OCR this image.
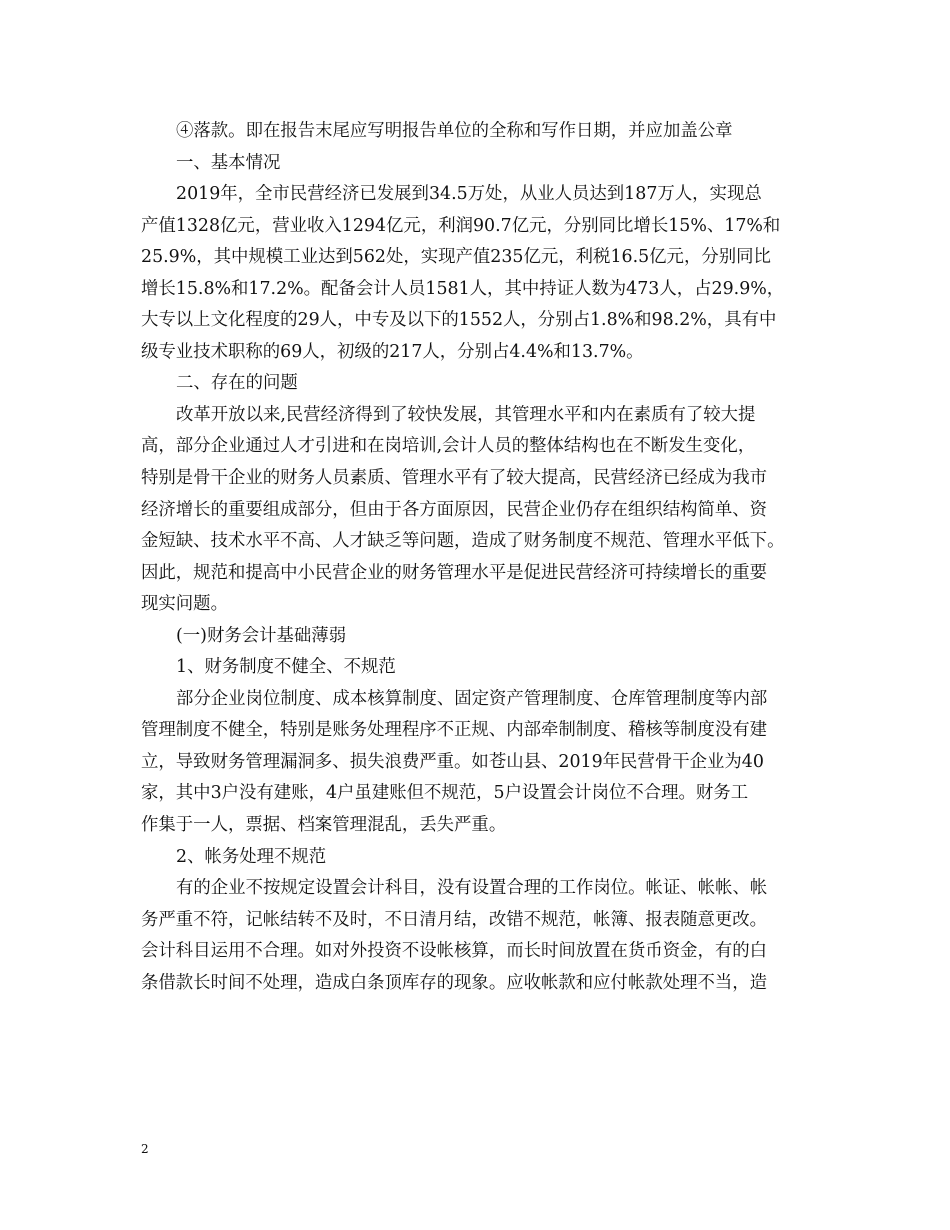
④落款。即在报告末尾应写明报告单位的全称和写作日期，并应加盖公章
一、基本情况
2019年，全市民营经济已发展到34.5万处，从业人员达到187万人，实现总
产值1328亿元，营业收入1294亿元，利润90.7亿元，分别同比增长15%、17%和
25.9%，其中规模工业达到562处，实现产值235亿元，利税16.5亿元，分别同比
增长15.8%和17.2%。配备会计人员1581人，其中持证人数为473人，占29.9%，
大专以上文化程度的29人，中专及以下的1552人，分别占1.8%和98.2%，具有中
级专业技术职称的69人，初级的217人，分别占4.4%和13.7%。
二、存在的问题
改革开放以来,民营经济得到了较快发展，其管理水平和内在素质有了较大提
高，部分企业通过人才引进和在岗培训,会计人员的整体结构也在不断发生变化，
特别是骨干企业的财务人员素质、管理水平有了较大提高，民营经济已经成为我市
经济增长的重要组成部分，但由于各方面原因，民营企业仍存在组织结构简单、资
金短缺、技术水平不高、人才缺乏等问题，造成了财务制度不规范、管理水平低下。
因此，规范和提高中小民营企业的财务管理水平是促进民营经济可持续增长的重要
现实问题。
(一)财务会计基础薄弱
1、财务制度不健全、不规范
部分企业岗位制度、成本核算制度、固定资产管理制度、仓库管理制度等内部
管理制度不健全，特别是账务处理程序不正规、内部牵制制度、稽核等制度没有建
立，导致财务管理漏洞多、损失浪费严重。如苍山县、2019年民营骨干企业为40
家，其中3户没有建账，4户虽建账但不规范，5户设置会计岗位不合理。财务工
作集于一人，票据、档案管理混乱，丢失严重。
2、帐务处理不规范
有的企业不按规定设置会计科目，没有设置合理的工作岗位。帐证、帐帐、帐
务严重不符，记帐结转不及时，不日清月结，改错不规范，帐簿、报表随意更改。
会计科目运用不合理。如对外投资不设帐核算，而长时间放置在货币资金，有的白
条借款长时间不处理，造成白条顶库存的现象。应收帐款和应付帐款处理不当，造
2
